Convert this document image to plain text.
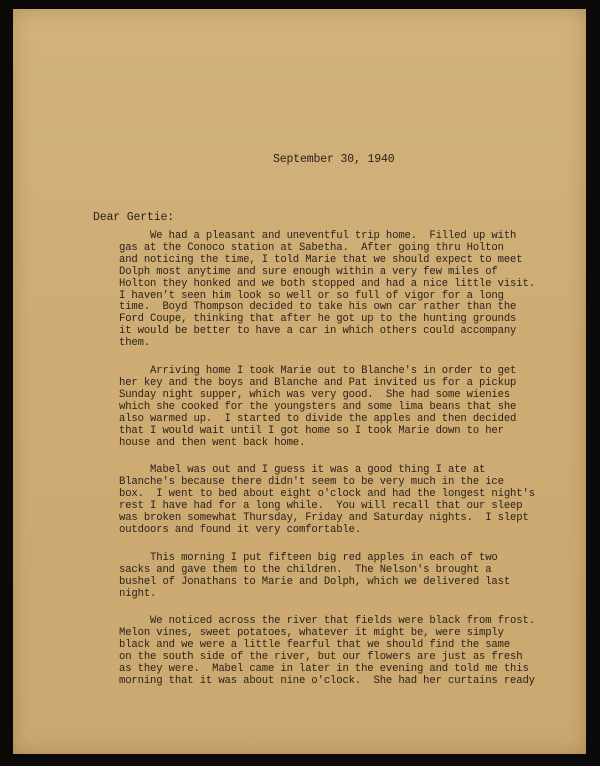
September 30, 1940
Dear Gertie:
We had a pleasant and uneventful trip home.  Filled up with
gas at the Conoco station at Sabetha.  After going thru Holton
and noticing the time, I told Marie that we should expect to meet
Dolph most anytime and sure enough within a very few miles of
Holton they honked and we both stopped and had a nice little visit.
I haven't seen him look so well or so full of vigor for a long
time.  Boyd Thompson decided to take his own car rather than the
Ford Coupe, thinking that after he got up to the hunting grounds
it would be better to have a car in which others could accompany
them.
Arriving home I took Marie out to Blanche's in order to get
her key and the boys and Blanche and Pat invited us for a pickup
Sunday night supper, which was very good.  She had some wienies
which she cooked for the youngsters and some lima beans that she
also warmed up.  I started to divide the apples and then decided
that I would wait until I got home so I took Marie down to her
house and then went back home.
Mabel was out and I guess it was a good thing I ate at
Blanche's because there didn't seem to be very much in the ice
box.  I went to bed about eight o'clock and had the longest night's
rest I have had for a long while.  You will recall that our sleep
was broken somewhat Thursday, Friday and Saturday nights.  I slept
outdoors and found it very comfortable.
This morning I put fifteen big red apples in each of two
sacks and gave them to the children.  The Nelson's brought a
bushel of Jonathans to Marie and Dolph, which we delivered last
night.
We noticed across the river that fields were black from frost.
Melon vines, sweet potatoes, whatever it might be, were simply
black and we were a little fearful that we should find the same
on the south side of the river, but our flowers are just as fresh
as they were.  Mabel came in later in the evening and told me this
morning that it was about nine o'clock.  She had her curtains ready
